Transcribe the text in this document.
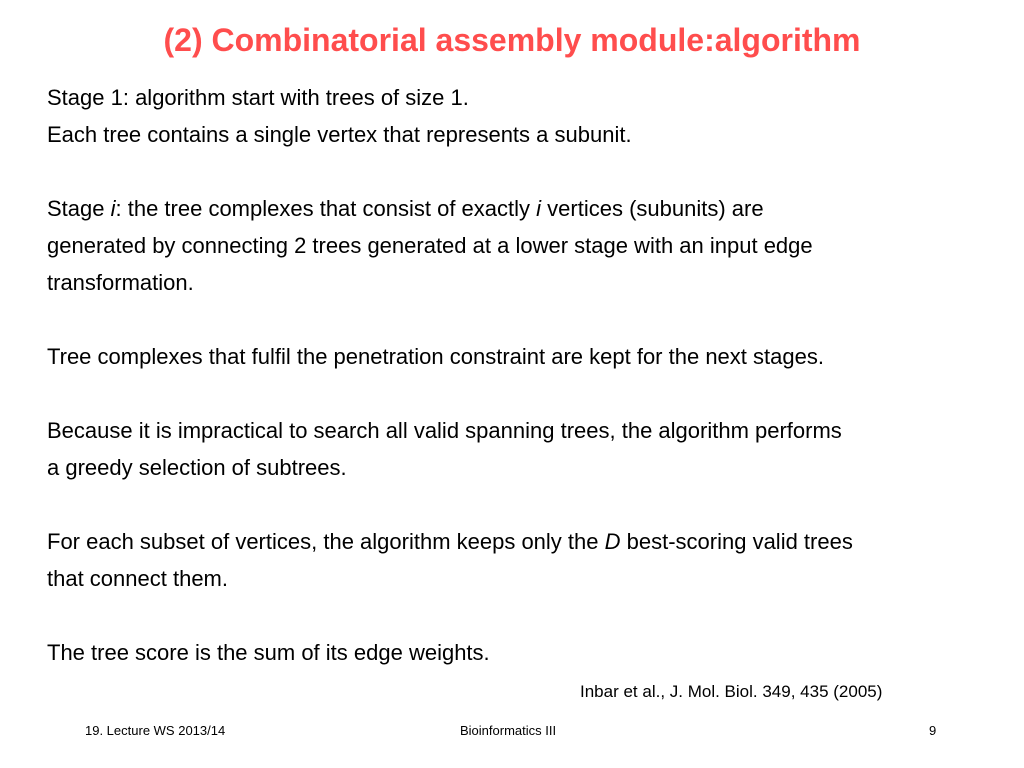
(2) Combinatorial assembly module:algorithm
Stage 1: algorithm start with trees of size 1.
Each tree contains a single vertex that represents a subunit.
Stage i: the tree complexes that consist of exactly i vertices (subunits) are
generated by connecting 2 trees generated at a lower stage with an input edge
transformation.
Tree complexes that fulfil the penetration constraint are kept for the next stages.
Because it is impractical to search all valid spanning trees, the algorithm performs
a greedy selection of subtrees.
For each subset of vertices, the algorithm keeps only the D best-scoring valid trees
that connect them.
The tree score is the sum of its edge weights.
Inbar et al., J. Mol. Biol. 349, 435 (2005)
19. Lecture WS 2013/14	Bioinformatics III	9
